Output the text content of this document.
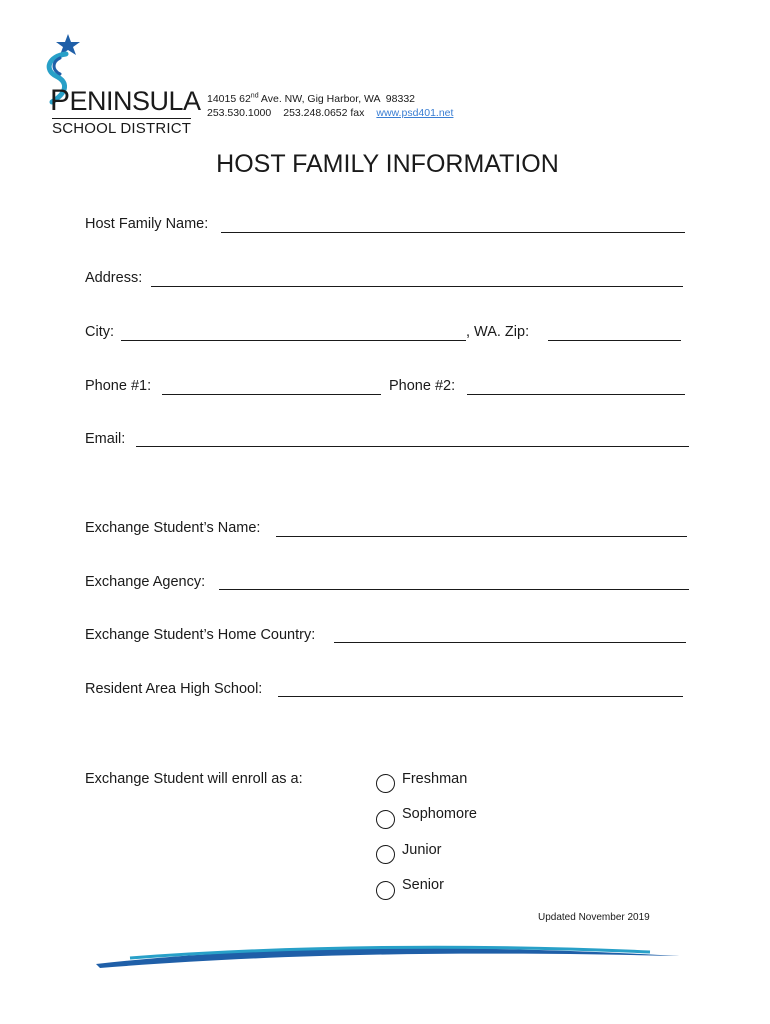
PENINSULA
SCHOOL DISTRICT
14015 62nd Ave. NW, Gig Harbor, WA  98332
253.530.1000 253.248.0652 fax www.psd401.net
HOST FAMILY INFORMATION
Host Family Name:
Address:
City:	, WA. Zip:
Phone #1:	Phone #2:
Email:
Exchange Student’s Name:
Exchange Agency:
Exchange Student’s Home Country:
Resident Area High School:
Exchange Student will enroll as a:	Freshman
Sophomore
Junior
Senior
Updated November 2019
